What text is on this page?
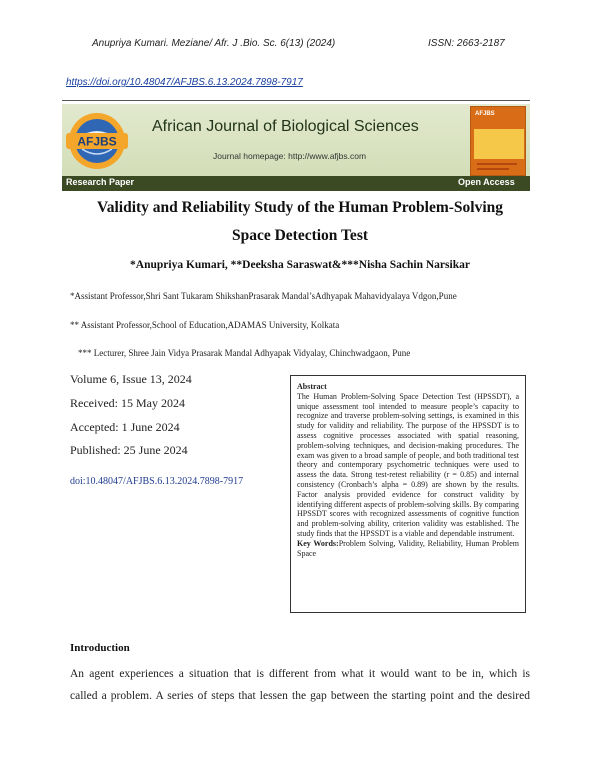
Anupriya Kumari. Meziane/ Afr. J .Bio. Sc. 6(13) (2024)	ISSN: 2663-2187
https://doi.org/10.48047/AFJBS.6.13.2024.7898-7917
AFJBS
African Journal of Biological Sciences
Journal homepage: http://www.afjbs.com
AFJBS
Research Paper	Open Access
Validity and Reliability Study of the Human Problem-Solving
Space Detection Test
*Anupriya Kumari, **Deeksha Saraswat&***Nisha Sachin Narsikar
*Assistant Professor,Shri Sant Tukaram ShikshanPrasarak Mandal’sAdhyapak Mahavidyalaya Vdgon,Pune
** Assistant Professor,School of Education,ADAMAS University, Kolkata
*** Lecturer, Shree Jain Vidya Prasarak Mandal Adhyapak Vidyalay, Chinchwadgaon, Pune
Volume 6, Issue 13, 2024
Received: 15 May 2024
Accepted: 1 June 2024
Published: 25 June 2024
doi:10.48047/AFJBS.6.13.2024.7898-7917
Abstract
The Human Problem-Solving Space Detection Test (HPSSDT), a unique assessment tool intended to measure people’s capacity to recognize and traverse problem-solving settings, is examined in this study for validity and reliability. The purpose of the HPSSDT is to assess cognitive processes associated with spatial reasoning, problem-solving techniques, and decision-making procedures. The exam was given to a broad sample of people, and both traditional test theory and contemporary psychometric techniques were used to assess the data. Strong test-retest reliability (r = 0.85) and internal consistency (Cronbach’s alpha = 0.89) are shown by the results. Factor analysis provided evidence for construct validity by identifying different aspects of problem-solving skills. By comparing HPSSDT scores with recognized assessments of cognitive function and problem-solving ability, criterion validity was established. The study finds that the HPSSDT is a viable and dependable instrument.
Key Words:Problem Solving, Validity, Reliability, Human Problem Space
Introduction
An agent experiences a situation that is different from what it would want to be in, which is
called a problem. A series of steps that lessen the gap between the starting point and the desired
